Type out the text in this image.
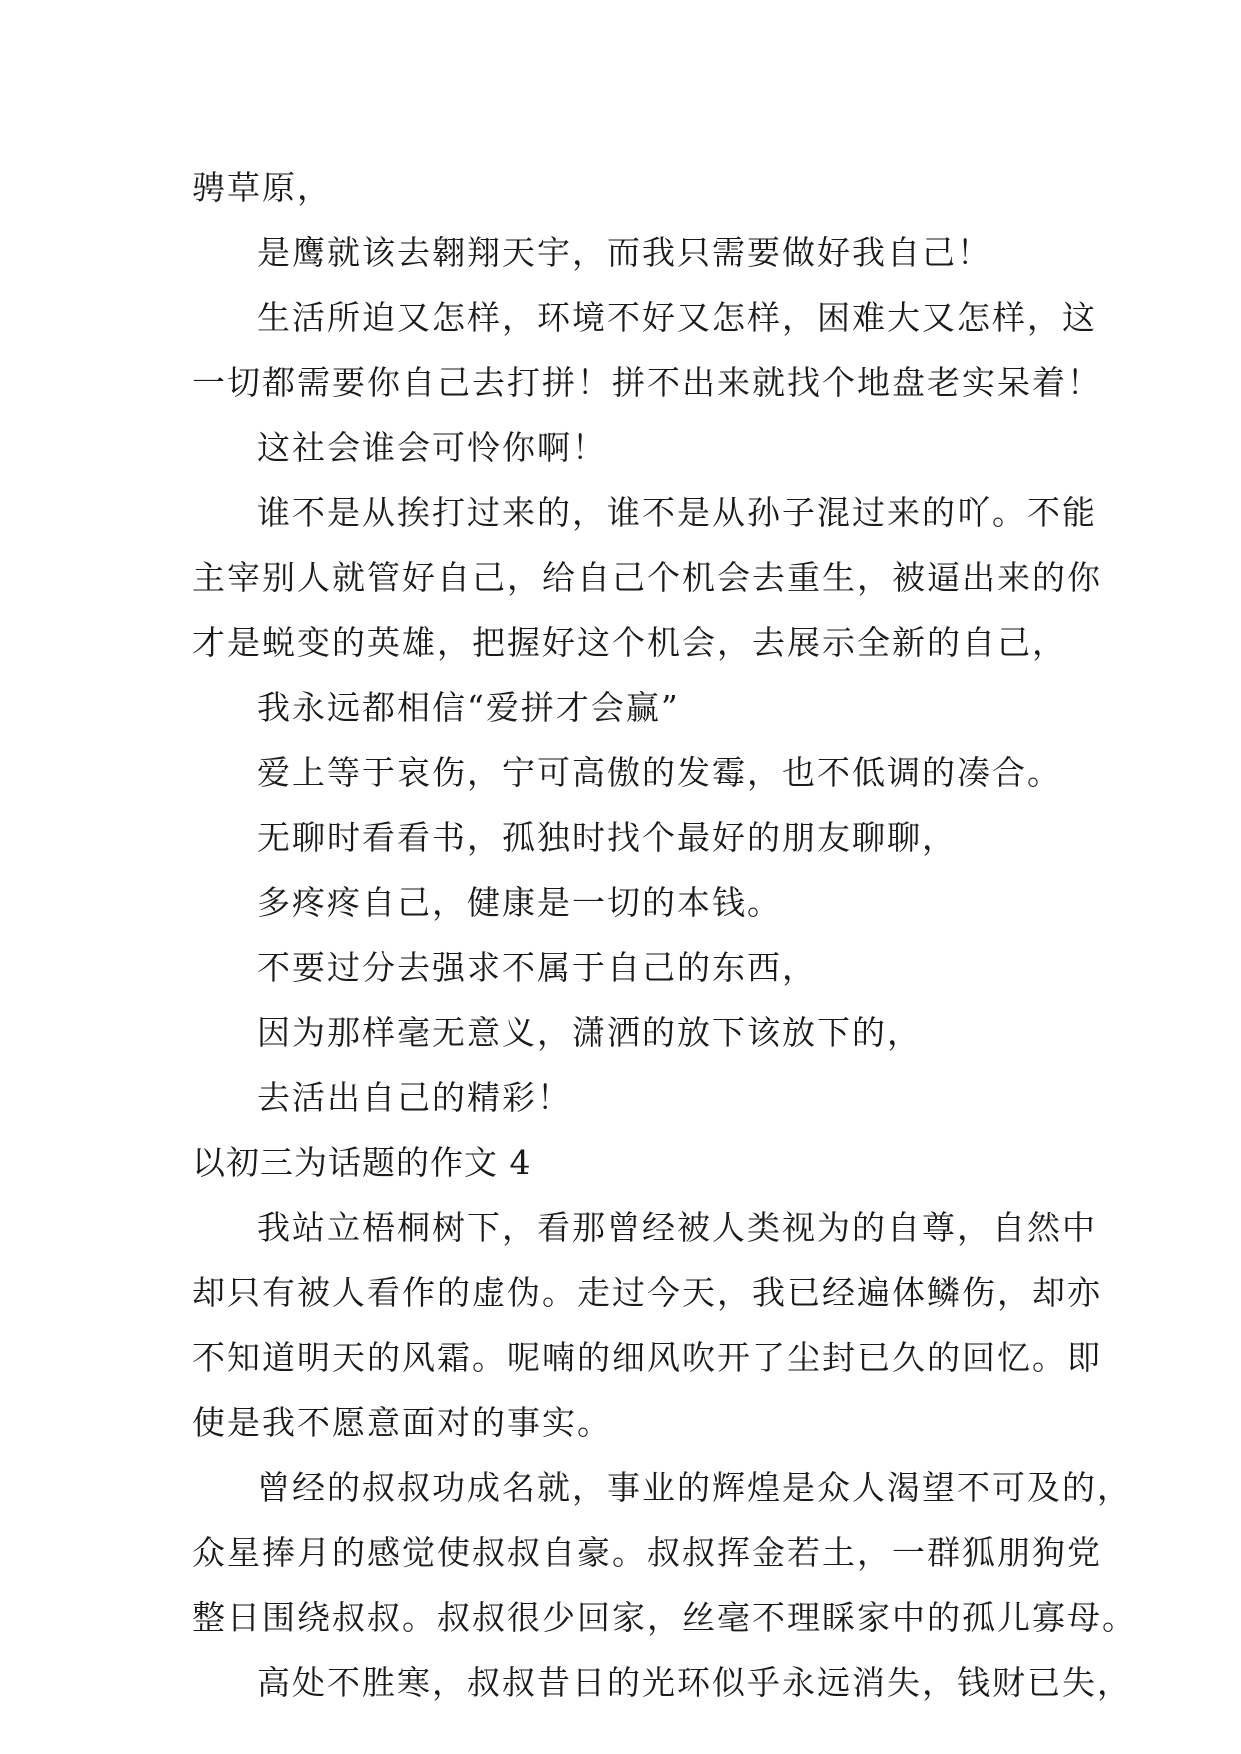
骋草原，
是鹰就该去翱翔天宇，而我只需要做好我自己！
生活所迫又怎样，环境不好又怎样，困难大又怎样，这
一切都需要你自己去打拼！拼不出来就找个地盘老实呆着！
这社会谁会可怜你啊！
谁不是从挨打过来的，谁不是从孙子混过来的吖。不能
主宰别人就管好自己，给自己个机会去重生，被逼出来的你
才是蜕变的英雄，把握好这个机会，去展示全新的自己，
我永远都相信“爱拼才会赢”
爱上等于哀伤，宁可高傲的发霉，也不低调的凑合。
无聊时看看书，孤独时找个最好的朋友聊聊，
多疼疼自己，健康是一切的本钱。
不要过分去强求不属于自己的东西，
因为那样毫无意义，潇洒的放下该放下的，
去活出自己的精彩！
以初三为话题的作文 4
我站立梧桐树下，看那曾经被人类视为的自尊，自然中
却只有被人看作的虚伪。走过今天，我已经遍体鳞伤，却亦
不知道明天的风霜。呢喃的细风吹开了尘封已久的回忆。即
使是我不愿意面对的事实。
曾经的叔叔功成名就，事业的辉煌是众人渴望不可及的，
众星捧月的感觉使叔叔自豪。叔叔挥金若土，一群狐朋狗党
整日围绕叔叔。叔叔很少回家，丝毫不理睬家中的孤儿寡母。
高处不胜寒，叔叔昔日的光环似乎永远消失，钱财已失，
